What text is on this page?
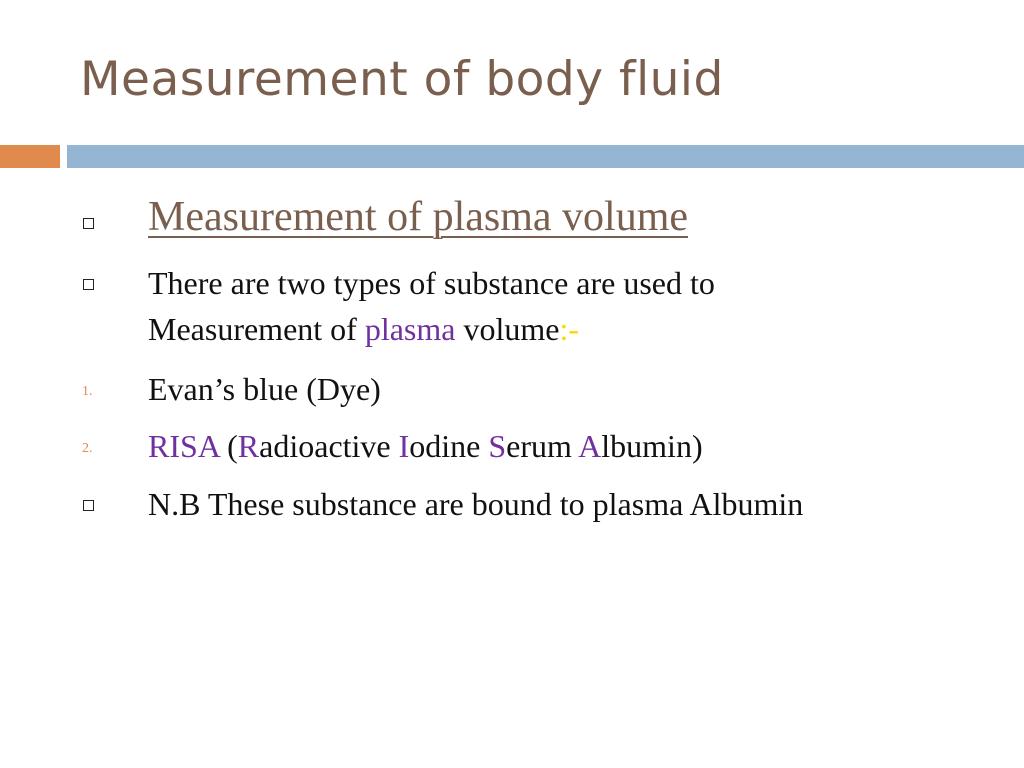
Measurement of body fluid
Measurement of plasma volume
There are two types of substance are used to
Measurement of plasma volume:-
1. Evan’s blue (Dye)
2. RISA (Radioactive Iodine Serum Albumin)
N.B These substance are bound to plasma Albumin
